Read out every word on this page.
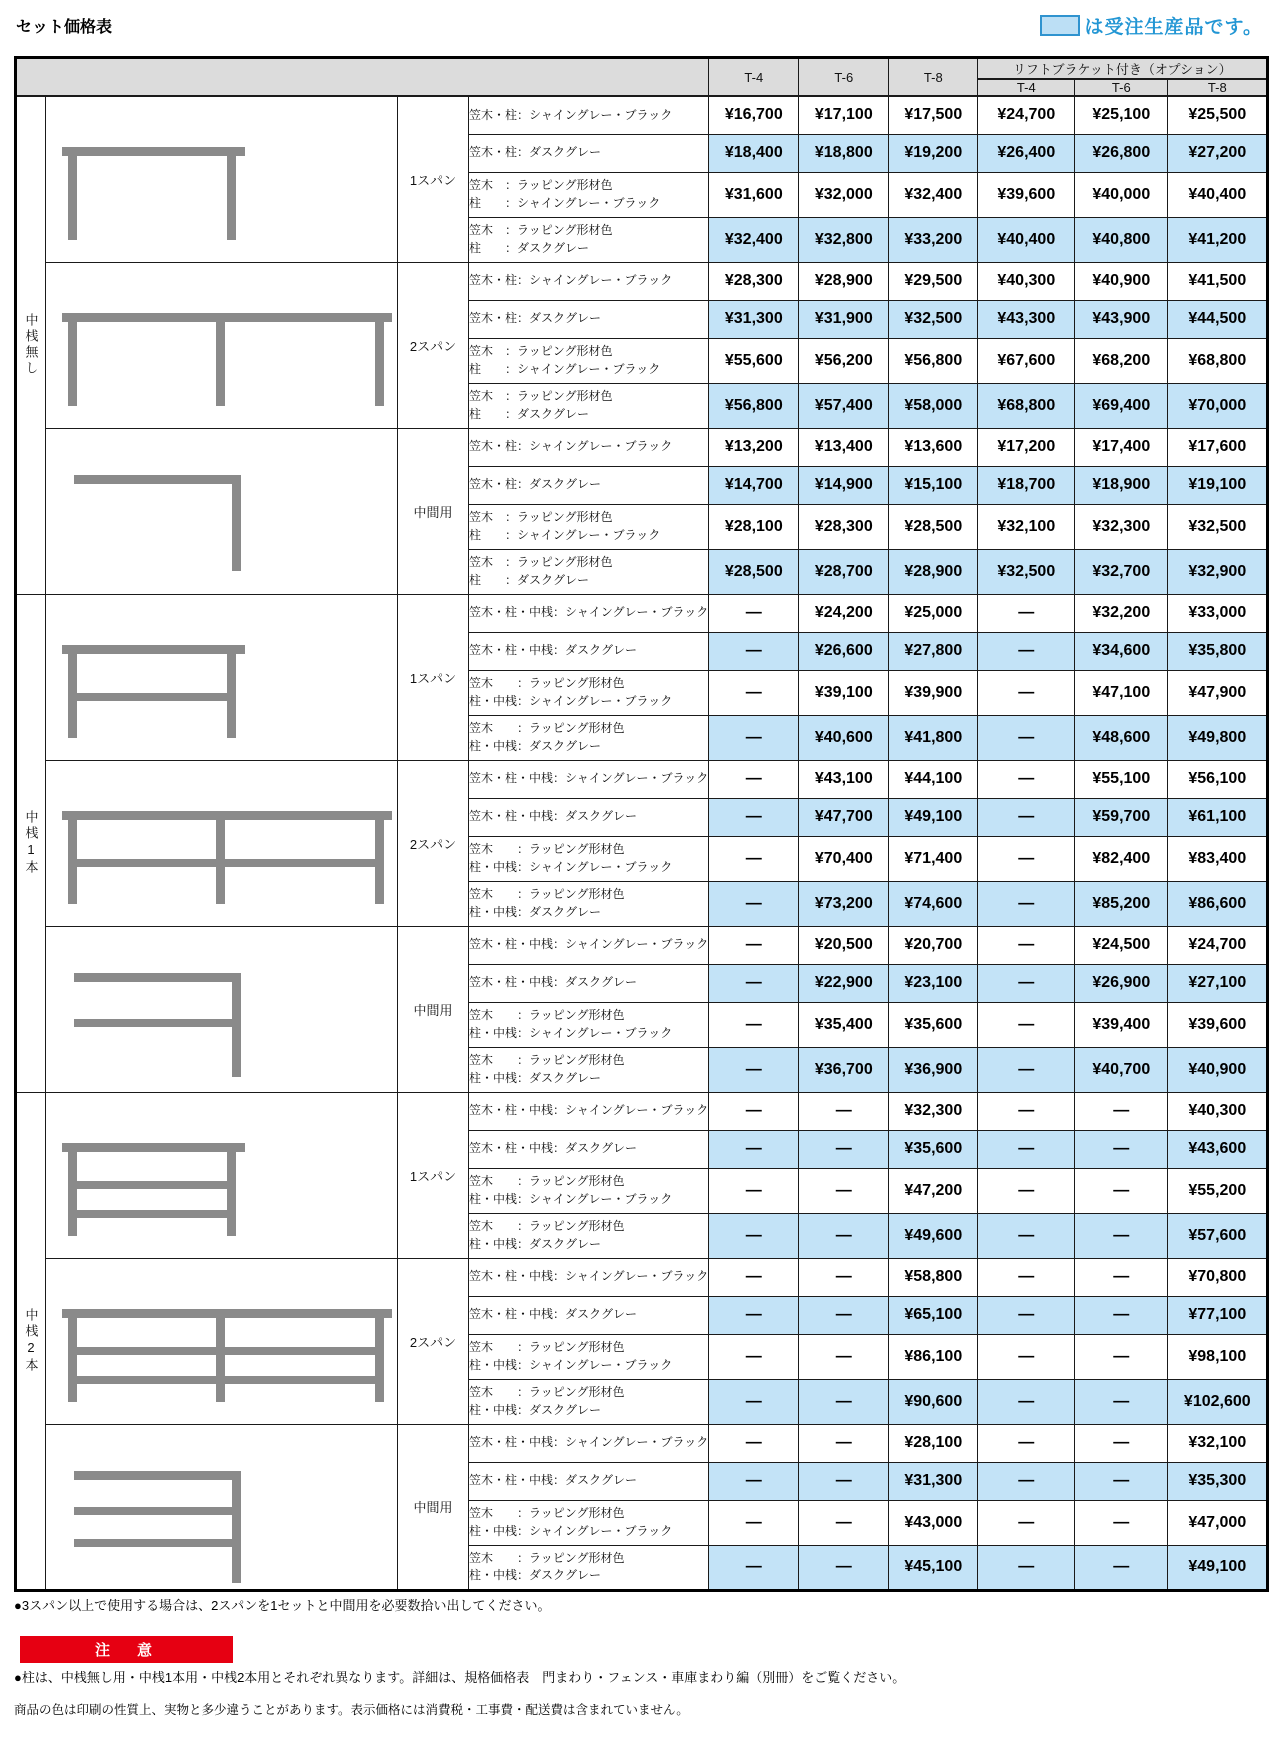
セット価格表	は受注生産品です。
				T-4	T-6	T-8	リフトブラケット付き（オプション）		
							T-4	T-6	T-8

中桟無し		1スパン	笠木・柱：シャイングレー・ブラック	¥16,700	¥17,100	¥17,500	¥24,700	¥25,100	¥25,500

			笠木・柱：ダスクグレー	¥18,400	¥18,800	¥19,200	¥26,400	¥26,800	¥27,200

			笠木　：ラッピング形材色
柱　　：シャイングレー・ブラック	¥31,600	¥32,000	¥32,400	¥39,600	¥40,000	¥40,400

			笠木　：ラッピング形材色
柱　　：ダスクグレー	¥32,400	¥32,800	¥33,200	¥40,400	¥40,800	¥41,200

		2スパン	笠木・柱：シャイングレー・ブラック	¥28,300	¥28,900	¥29,500	¥40,300	¥40,900	¥41,500

			笠木・柱：ダスクグレー	¥31,300	¥31,900	¥32,500	¥43,300	¥43,900	¥44,500

			笠木　：ラッピング形材色
柱　　：シャイングレー・ブラック	¥55,600	¥56,200	¥56,800	¥67,600	¥68,200	¥68,800

			笠木　：ラッピング形材色
柱　　：ダスクグレー	¥56,800	¥57,400	¥58,000	¥68,800	¥69,400	¥70,000

		中間用	笠木・柱：シャイングレー・ブラック	¥13,200	¥13,400	¥13,600	¥17,200	¥17,400	¥17,600

			笠木・柱：ダスクグレー	¥14,700	¥14,900	¥15,100	¥18,700	¥18,900	¥19,100

			笠木　：ラッピング形材色
柱　　：シャイングレー・ブラック	¥28,100	¥28,300	¥28,500	¥32,100	¥32,300	¥32,500

			笠木　：ラッピング形材色
柱　　：ダスクグレー	¥28,500	¥28,700	¥28,900	¥32,500	¥32,700	¥32,900

中桟1本		1スパン	笠木・柱・中桟：シャイングレー・ブラック	—	¥24,200	¥25,000	—	¥32,200	¥33,000

			笠木・柱・中桟：ダスクグレー	—	¥26,600	¥27,800	—	¥34,600	¥35,800

			笠木　　：ラッピング形材色
柱・中桟：シャイングレー・ブラック	—	¥39,100	¥39,900	—	¥47,100	¥47,900

			笠木　　：ラッピング形材色
柱・中桟：ダスクグレー	—	¥40,600	¥41,800	—	¥48,600	¥49,800

		2スパン	笠木・柱・中桟：シャイングレー・ブラック	—	¥43,100	¥44,100	—	¥55,100	¥56,100

			笠木・柱・中桟：ダスクグレー	—	¥47,700	¥49,100	—	¥59,700	¥61,100

			笠木　　：ラッピング形材色
柱・中桟：シャイングレー・ブラック	—	¥70,400	¥71,400	—	¥82,400	¥83,400

			笠木　　：ラッピング形材色
柱・中桟：ダスクグレー	—	¥73,200	¥74,600	—	¥85,200	¥86,600

		中間用	笠木・柱・中桟：シャイングレー・ブラック	—	¥20,500	¥20,700	—	¥24,500	¥24,700

			笠木・柱・中桟：ダスクグレー	—	¥22,900	¥23,100	—	¥26,900	¥27,100

			笠木　　：ラッピング形材色
柱・中桟：シャイングレー・ブラック	—	¥35,400	¥35,600	—	¥39,400	¥39,600

			笠木　　：ラッピング形材色
柱・中桟：ダスクグレー	—	¥36,700	¥36,900	—	¥40,700	¥40,900

中桟2本		1スパン	笠木・柱・中桟：シャイングレー・ブラック	—	—	¥32,300	—	—	¥40,300

			笠木・柱・中桟：ダスクグレー	—	—	¥35,600	—	—	¥43,600

			笠木　　：ラッピング形材色
柱・中桟：シャイングレー・ブラック	—	—	¥47,200	—	—	¥55,200

			笠木　　：ラッピング形材色
柱・中桟：ダスクグレー	—	—	¥49,600	—	—	¥57,600

		2スパン	笠木・柱・中桟：シャイングレー・ブラック	—	—	¥58,800	—	—	¥70,800

			笠木・柱・中桟：ダスクグレー	—	—	¥65,100	—	—	¥77,100

			笠木　　：ラッピング形材色
柱・中桟：シャイングレー・ブラック	—	—	¥86,100	—	—	¥98,100

			笠木　　：ラッピング形材色
柱・中桟：ダスクグレー	—	—	¥90,600	—	—	¥102,600

		中間用	笠木・柱・中桟：シャイングレー・ブラック	—	—	¥28,100	—	—	¥32,100

			笠木・柱・中桟：ダスクグレー	—	—	¥31,300	—	—	¥35,300

			笠木　　：ラッピング形材色
柱・中桟：シャイングレー・ブラック	—	—	¥43,000	—	—	¥47,000

			笠木　　：ラッピング形材色
柱・中桟：ダスクグレー	—	—	¥45,100	—	—	¥49,100
●3スパン以上で使用する場合は、2スパンを1セットと中間用を必要数拾い出してください。
注　意
●柱は、中桟無し用・中桟1本用・中桟2本用とそれぞれ異なります。詳細は、規格価格表　門まわり・フェンス・車庫まわり編（別冊）をご覧ください。
商品の色は印刷の性質上、実物と多少違うことがあります。表示価格には消費税・工事費・配送費は含まれていません。
